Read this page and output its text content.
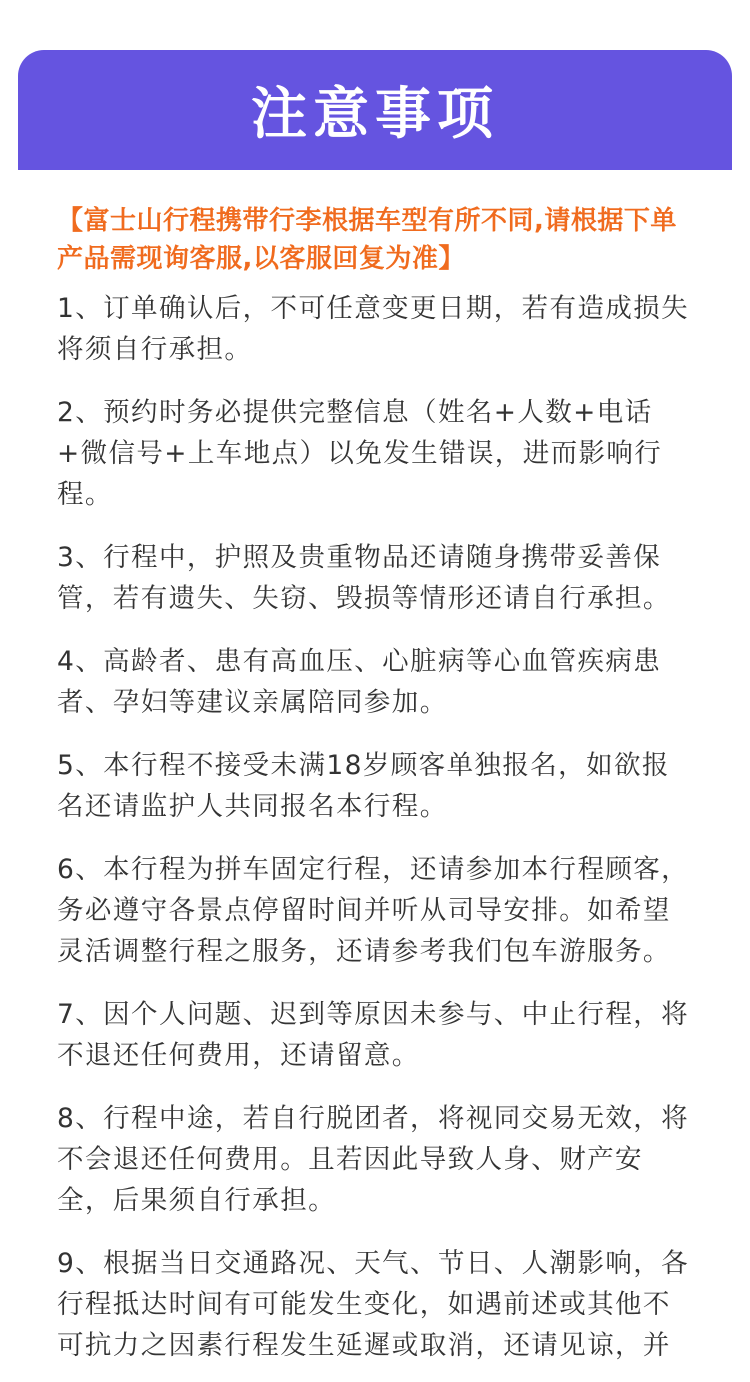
注意事项

【富士山行程携带行李根据车型有所不同,请根据下单产品需现询客服,以客服回复为准】

1、订单确认后，不可任意变更日期，若有造成损失将须自行承担。

2、预约时务必提供完整信息（姓名+人数+电话+微信号+上车地点）以免发生错误，进而影响行程。

3、行程中，护照及贵重物品还请随身携带妥善保管，若有遗失、失窃、毁损等情形还请自行承担。

4、高龄者、患有高血压、心脏病等心血管疾病患者、孕妇等建议亲属陪同参加。

5、本行程不接受未满18岁顾客单独报名，如欲报名还请监护人共同报名本行程。

6、本行程为拼车固定行程，还请参加本行程顾客，务必遵守各景点停留时间并听从司导安排。如希望灵活调整行程之服务，还请参考我们包车游服务。

7、因个人问题、迟到等原因未参与、中止行程，将不退还任何费用，还请留意。

8、行程中途，若自行脱团者，将视同交易无效，将不会退还任何费用。且若因此导致人身、财产安全，后果须自行承担。

9、根据当日交通路况、天气、节日、人潮影响，各行程抵达时间有可能发生变化，如遇前述或其他不可抗力之因素行程发生延遲或取消，还请见谅，并
